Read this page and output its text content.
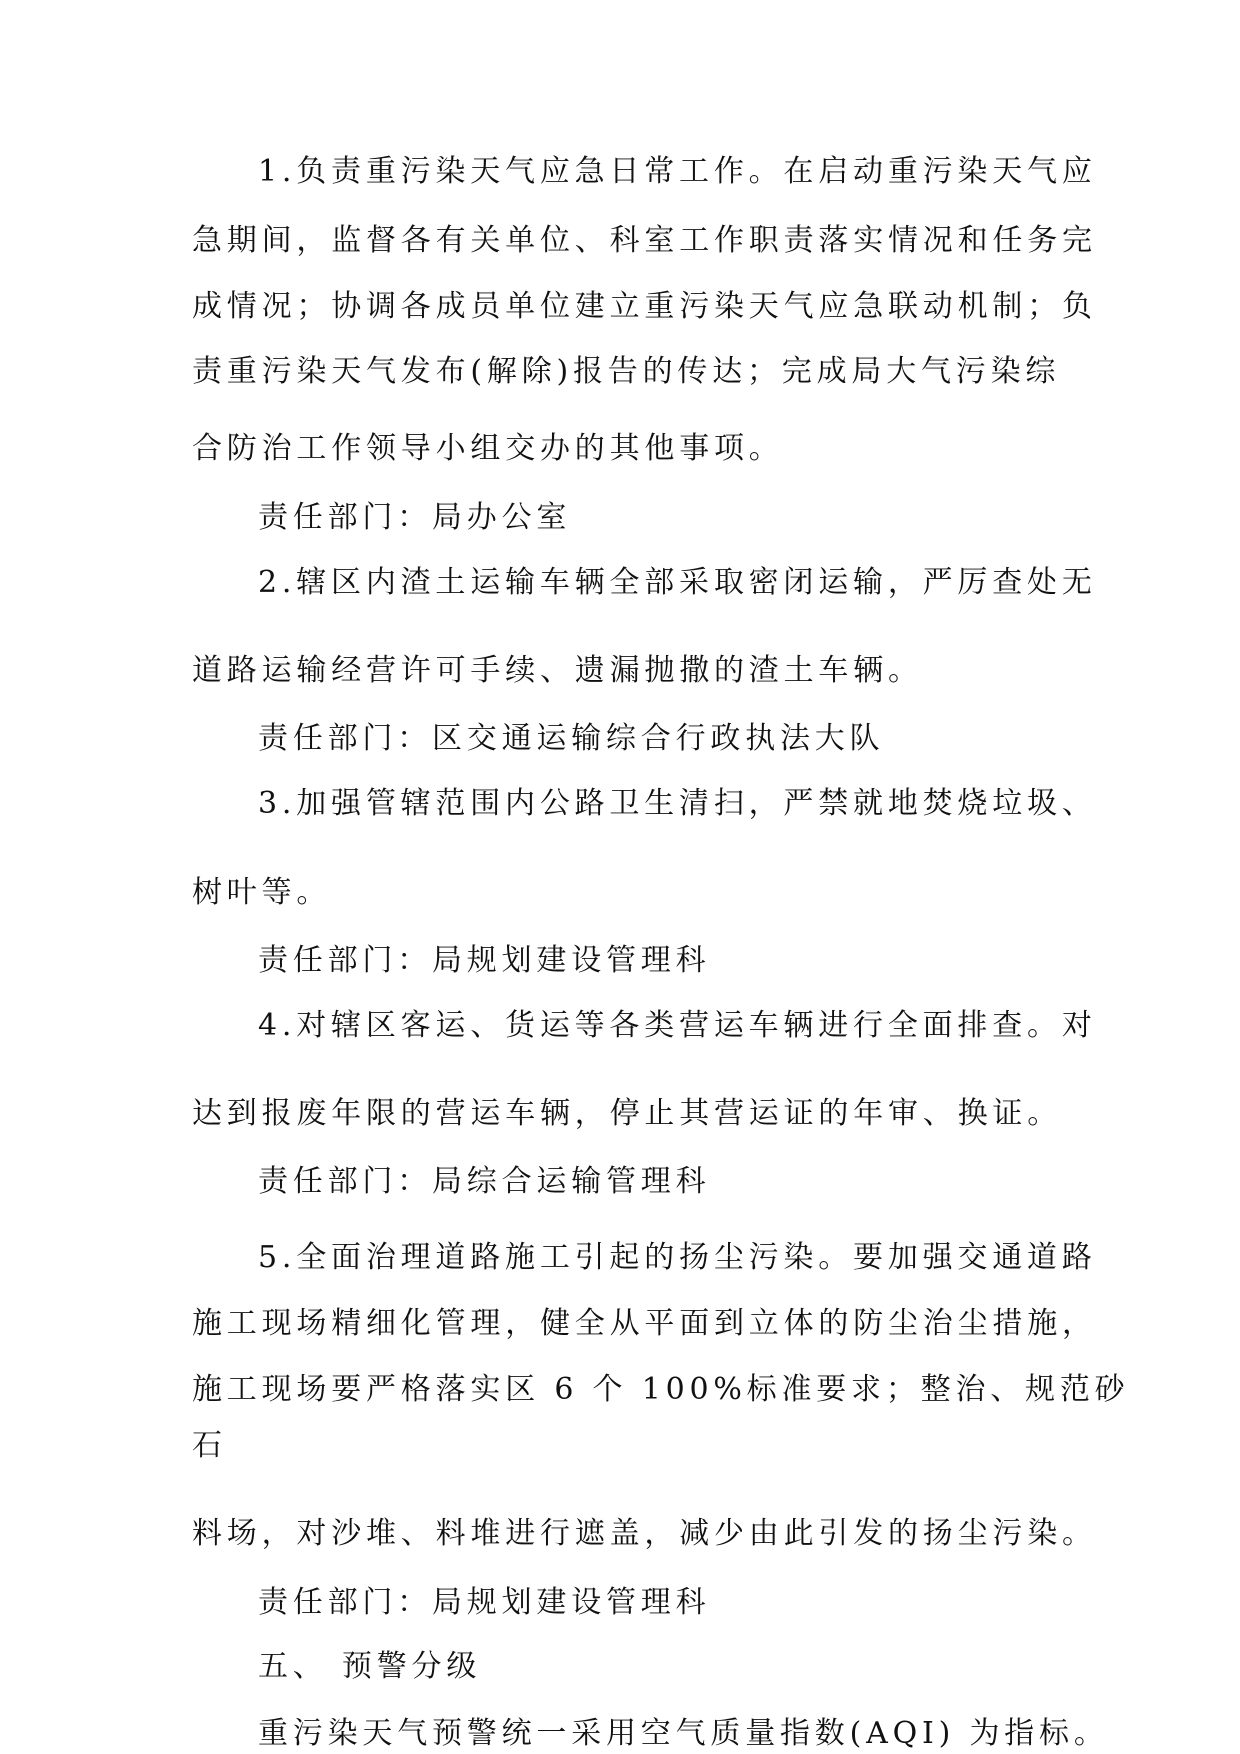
1.负责重污染天气应急日常工作。在启动重污染天气应
急期间，监督各有关单位、科室工作职责落实情况和任务完
成情况；协调各成员单位建立重污染天气应急联动机制；负
责重污染天气发布(解除)报告的传达；完成局大气污染综
合防治工作领导小组交办的其他事项。
责任部门：局办公室
2.辖区内渣土运输车辆全部采取密闭运输，严厉查处无
道路运输经营许可手续、遗漏抛撒的渣土车辆。
责任部门：区交通运输综合行政执法大队
3.加强管辖范围内公路卫生清扫，严禁就地焚烧垃圾、
树叶等。
责任部门：局规划建设管理科
4.对辖区客运、货运等各类营运车辆进行全面排查。对
达到报废年限的营运车辆，停止其营运证的年审、换证。
责任部门：局综合运输管理科
5.全面治理道路施工引起的扬尘污染。要加强交通道路
施工现场精细化管理，健全从平面到立体的防尘治尘措施，
施工现场要严格落实区 6 个 100%标准要求；整治、规范砂
石
料场，对沙堆、料堆进行遮盖，减少由此引发的扬尘污染。
责任部门：局规划建设管理科
五、 预警分级
重污染天气预警统一采用空气质量指数(AQI) 为指标。
